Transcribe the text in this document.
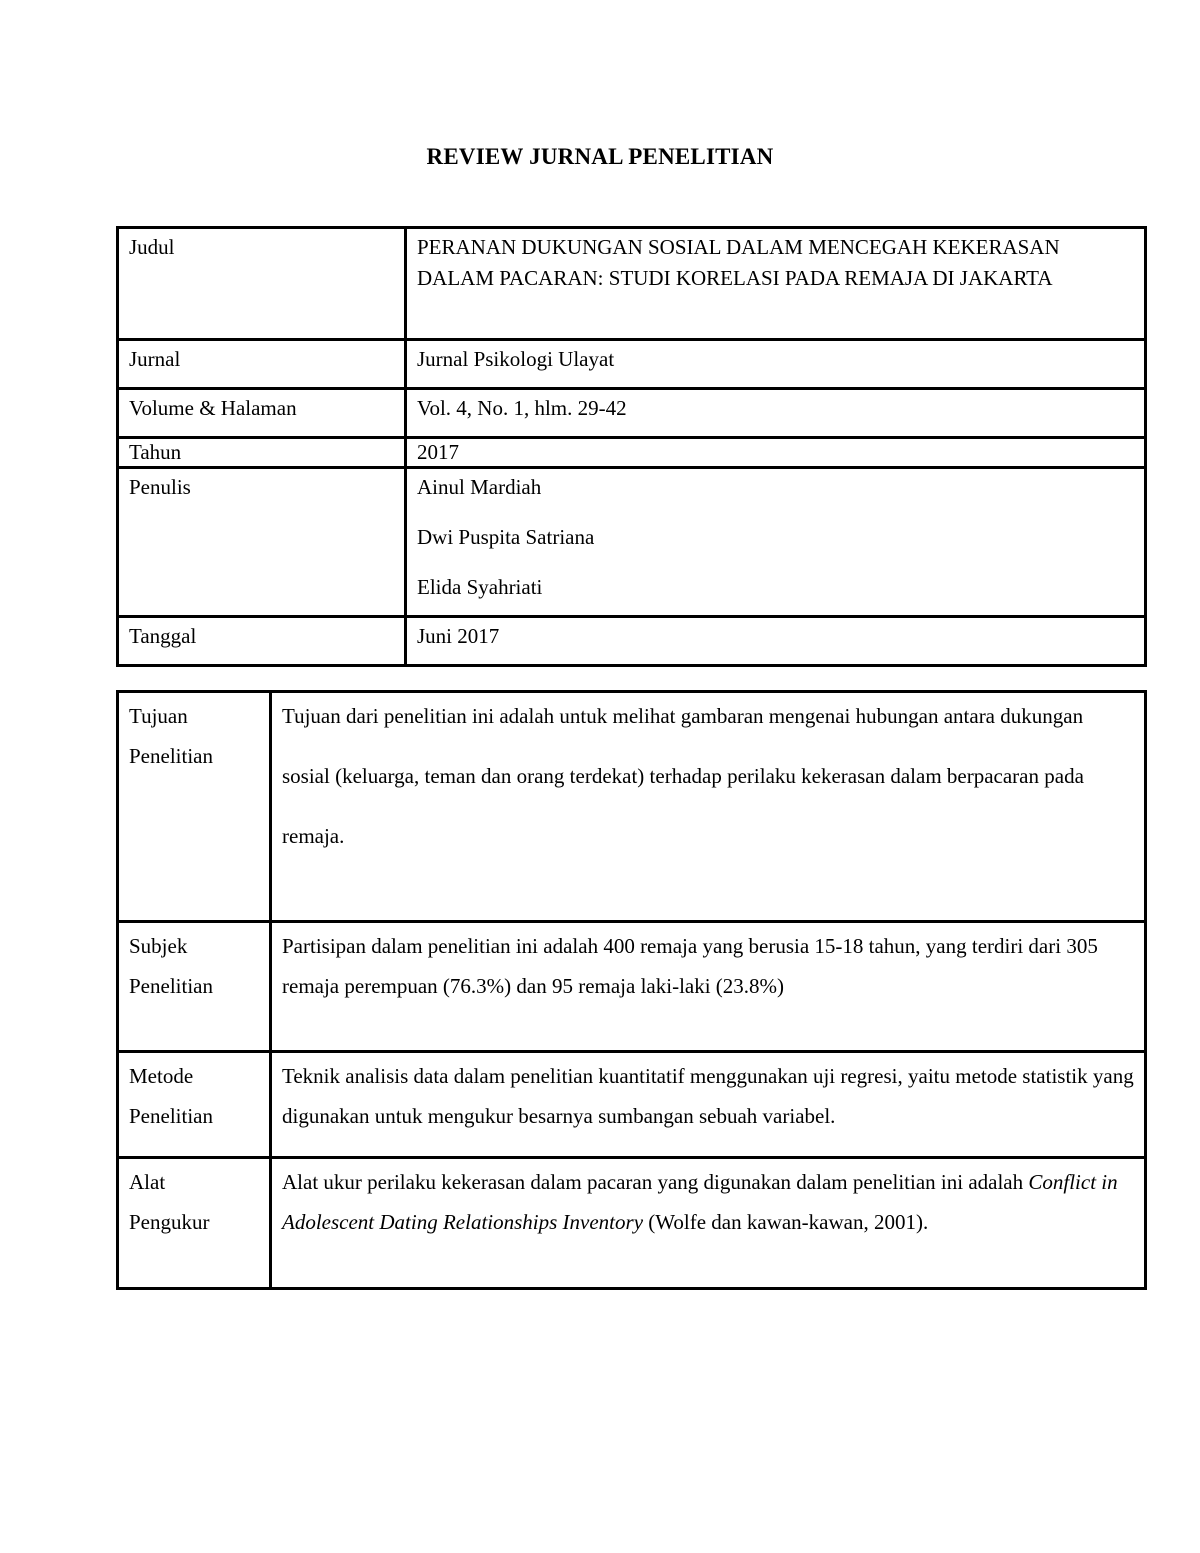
REVIEW JURNAL PENELITIAN
Judul	PERANAN DUKUNGAN SOSIAL DALAM MENCEGAH KEKERASAN DALAM PACARAN: STUDI KORELASI PADA REMAJA DI JAKARTA
Jurnal	Jurnal Psikologi Ulayat
Volume & Halaman	Vol. 4, No. 1, hlm. 29-42
Tahun	2017
Penulis	Ainul Mardiah
Dwi Puspita Satriana
Elida Syahriati

Tanggal	Juni 2017
Tujuan
Penelitian	Tujuan dari penelitian ini adalah untuk melihat gambaran mengenai hubungan antara dukungan sosial (keluarga, teman dan orang terdekat) terhadap perilaku kekerasan dalam berpacaran pada remaja.

Subjek
Penelitian	Partisipan dalam penelitian ini adalah 400 remaja yang berusia 15-18 tahun, yang terdiri dari 305 remaja perempuan (76.3%) dan 95 remaja laki-laki (23.8%)

Metode
Penelitian	Teknik analisis data dalam penelitian kuantitatif menggunakan uji regresi, yaitu metode statistik yang digunakan untuk mengukur besarnya sumbangan sebuah variabel.

Alat
Pengukur	Alat ukur perilaku kekerasan dalam pacaran yang digunakan dalam penelitian ini adalah Conflict in Adolescent Dating Relationships Inventory (Wolfe dan kawan-kawan, 2001).
